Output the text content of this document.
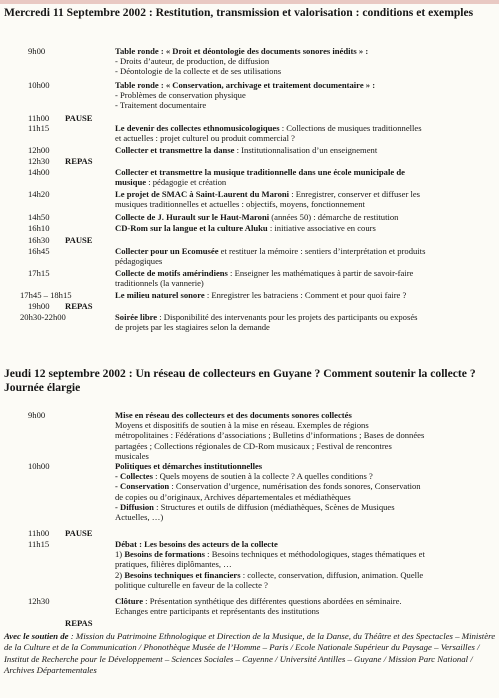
Mercredi 11 Septembre 2002 : Restitution, transmission et valorisation : conditions et exemples
9h00	Table ronde : « Droit et déontologie des documents sonores inédits » :
- Droits d’auteur, de production, de diffusion
- Déontologie de la collecte et de ses utilisations
10h00	Table ronde : « Conservation, archivage et traitement documentaire » :
- Problèmes de conservation physique
- Traitement documentaire
11h00	PAUSE
11h15	Le devenir des collectes ethnomusicologiques : Collections de musiques traditionnelles
et actuelles : projet culturel ou produit commercial ?
12h00	Collecter et transmettre la danse : Institutionnalisation d’un enseignement
12h30	REPAS
14h00	Collecter et transmettre la musique traditionnelle dans une école municipale de
musique : pédagogie et création
14h20	Le projet de SMAC à Saint-Laurent du Maroni : Enregistrer, conserver et diffuser les
musiques traditionnelles et actuelles : objectifs, moyens, fonctionnement
14h50	Collecte de J. Hurault sur le Haut-Maroni (années 50) : démarche de restitution
16h10	CD-Rom sur la langue et la culture Aluku : initiative associative en cours
16h30	PAUSE
16h45	Collecter pour un Ecomusée et restituer la mémoire : sentiers d’interprétation et produits
pédagogiques
17h15	Collecte de motifs amérindiens : Enseigner les mathématiques à partir de savoir-faire
traditionnels (la vannerie)
17h45 – 18h15	Le milieu naturel sonore : Enregistrer les batraciens : Comment et pour quoi faire ?
19h00	REPAS
20h30-22h00	Soirée libre : Disponibilité des intervenants pour les projets des participants ou exposés
de projets par les stagiaires selon la demande
Jeudi 12 septembre 2002 : Un réseau de collecteurs en Guyane ? Comment soutenir la collecte ? Journée élargie
9h00	Mise en réseau des collecteurs et des documents sonores collectés
Moyens et dispositifs de soutien à la mise en réseau. Exemples de régions
métropolitaines : Fédérations d’associations ; Bulletins d’informations ; Bases de données
partagées ; Collections régionales de CD-Rom musicaux ; Festival de rencontres
musicales
10h00	Politiques et démarches institutionnelles
- Collectes : Quels moyens de soutien à la collecte ? A quelles conditions ?
- Conservation : Conservation d’urgence, numérisation des fonds sonores, Conservation
de copies ou d’originaux, Archives départementales et médiathèques
- Diffusion : Structures et outils de diffusion (médiathèques, Scènes de Musiques
Actuelles, …)
11h00	PAUSE
11h15	Débat : Les besoins des acteurs de la collecte
1) Besoins de formations : Besoins techniques et méthodologiques, stages thématiques et
pratiques, filières diplômantes, …
2) Besoins techniques et financiers : collecte, conservation, diffusion, animation. Quelle
politique culturelle en faveur de la collecte ?
12h30	Clôture : Présentation synthétique des différentes questions abordées en séminaire.
Echanges entre participants et représentants des institutions
REPAS
Avec le soutien de : Mission du Patrimoine Ethnologique et Direction de la Musique, de la Danse, du Théâtre et des Spectacles – Ministère de la Culture et de la Communication / Phonothèque Musée de l’Homme – Paris / Ecole Nationale Supérieur du Paysage – Versailles / Institut de Recherche pour le Développement – Sciences Sociales – Cayenne / Université Antilles – Guyane / Mission Parc National / Archives Départementales
